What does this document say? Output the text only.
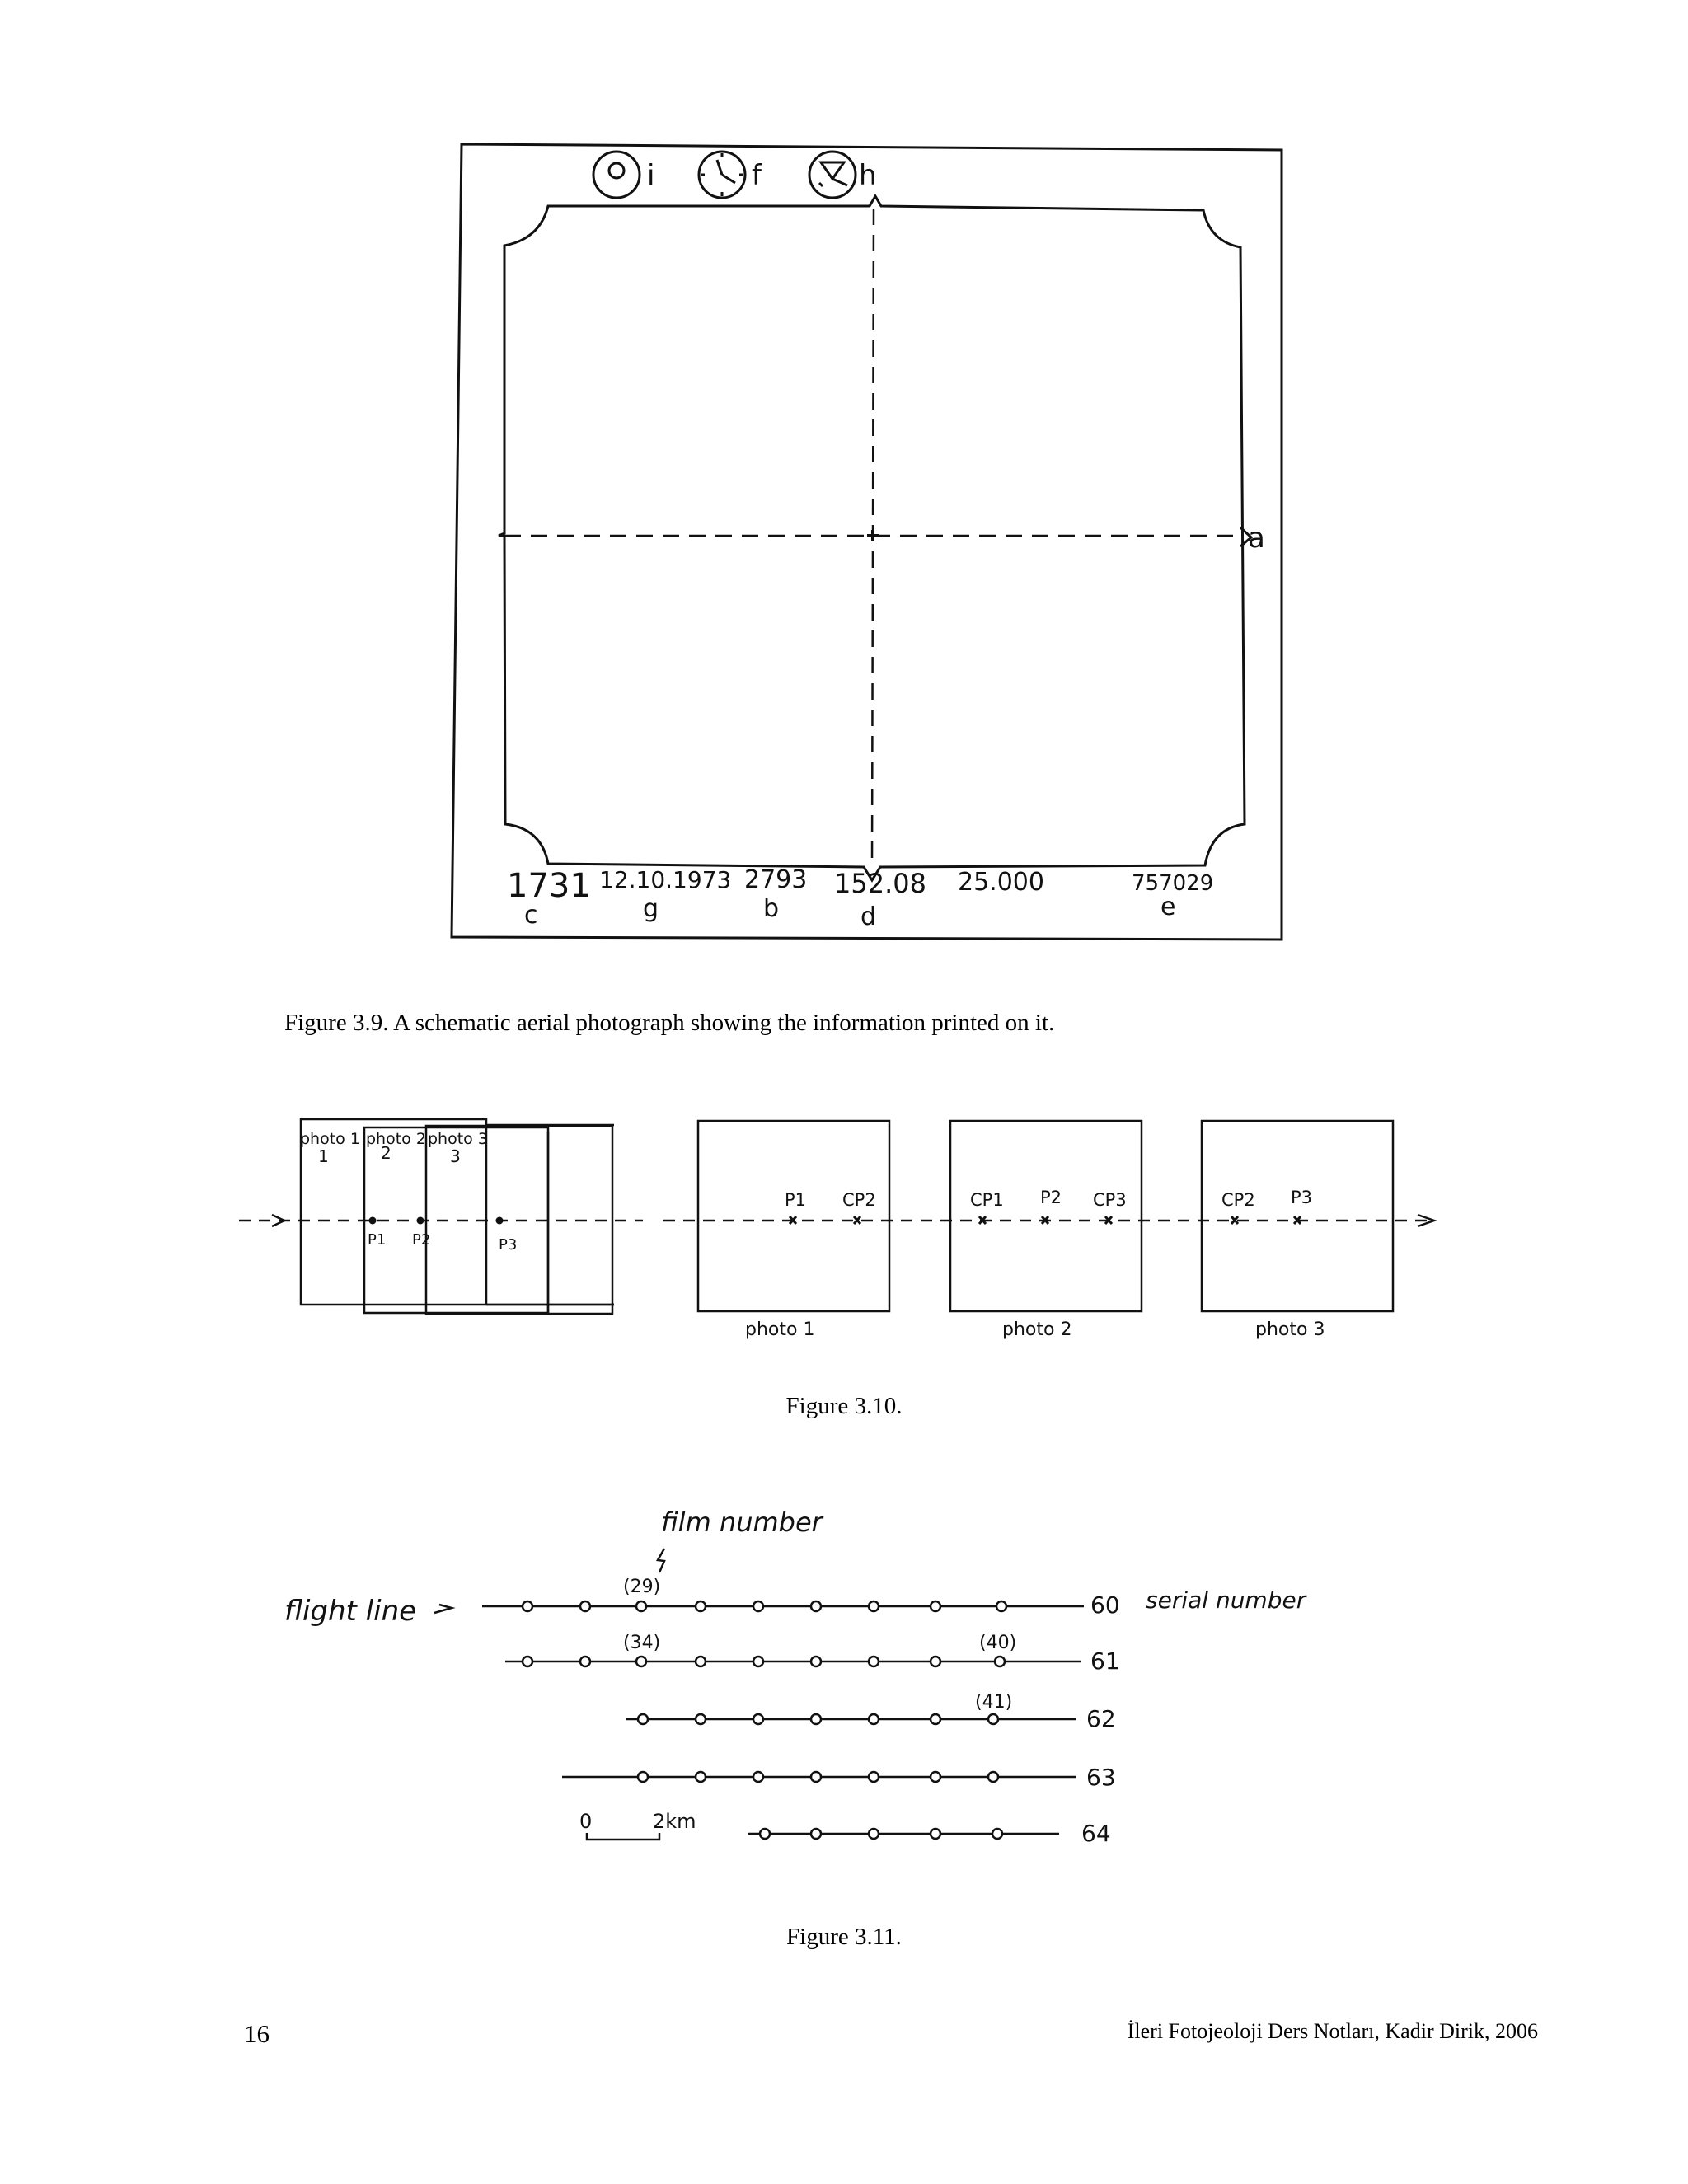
i	f	h
a
1731 12.10.1973 2793 152.08 25.000	757029
c	g	b	d	e
photo 1 photo 2 photo 3
1	2	3
P1 P2	P3
photo 1	photo 2	photo 3
P1 CP2	CP1 P2 CP3	CP2 P3
film number
flight line	serial number
(29)
(34)	(40)
(41)
60
61
62
63
64
0	2km
Figure 3.9. A schematic aerial photograph showing the information printed on it.
Figure 3.10.
Figure 3.11.
16	İleri Fotojeoloji Ders Notları, Kadir Dirik, 2006
